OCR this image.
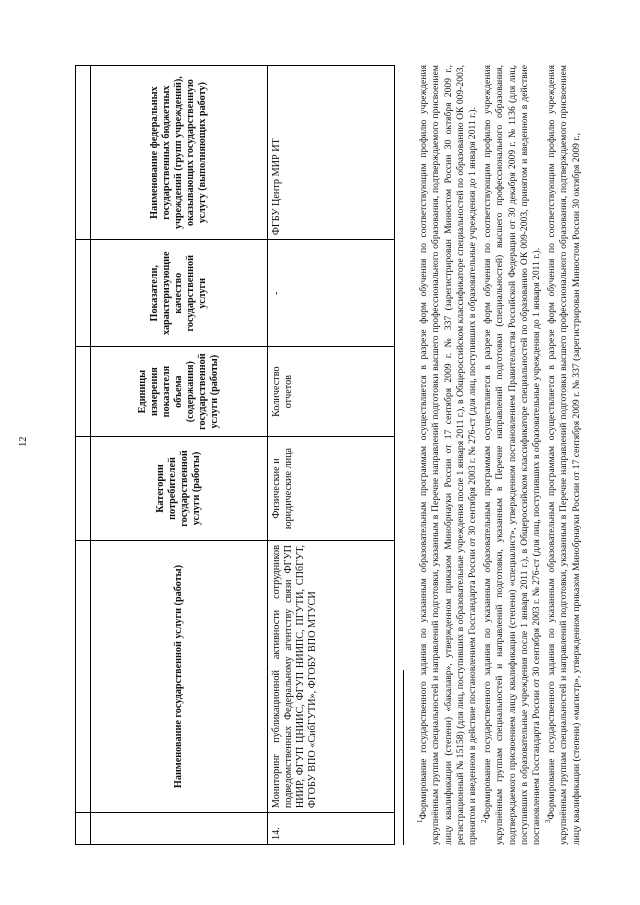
12

	Наименование государственной услуги (работы)	Категории потребителей государственной услуги (работы)	Единицы измерения показателя объема (содержания) государственной услуги (работы)	Показатели, характеризующие качество государственной услуги	Наименование федеральных государственных бюджетных учреждений (групп учреждений), оказывающих государственную услугу (выполняющих работу)
14.	Мониторинг публикационной активности сотрудников подведомственных Федеральному агентству связи ФГУП НИИР, ФГУП ЦНИИС, ФГУП НИИПС, ПГУТИ, СПбГУТ, ФГОБУ ВПО «СибГУТИ», ФГОБУ ВПО МТУСИ	Физические и юридические лица	Количество отчетов	-	ФГБУ Центр МИР ИТ

$^1$Формирование государственного задания по указанным образовательным программам осуществляется в разрезе форм обучения по соответствующим профилю учреждения укрупнённым группам специальностей и направлений подготовки, указанным в Перечне направлений подготовки высшего профессионального образования, подтверждаемого присвоением лицу квалификации (степени) «бакалавр», утвержденном приказом Минобрнауки России от 17 сентября 2009 г. № 337 (зарегистрирован Минюстом России 30 октября 2009 г., регистрационный № 15158) (для лиц, поступивших в образовательные учреждения после 1 января 2011 г.), в Общероссийском классификаторе специальностей по образованию ОК 009-2003, принятом и введенном в действие постановлением Госстандарта России от 30 сентября 2003 г. № 276-ст (для лиц, поступивших в образовательные учреждения до 1 января 2011 г.). $^2$Формирование государственного задания по указанным образовательным программам осуществляется в разрезе форм обучения по соответствующим профилю учреждения укрупнённым группам специальностей и направлений подготовки, указанным в Перечне направлений подготовки (специальностей) высшего профессионального образования, подтверждаемого присвоением лицу квалификации (степени) «специалист», утвержденном постановлением Правительства Российской Федерации от 30 декабря 2009 г. № 1136 (для лиц, поступивших в образовательные учреждения после 1 января 2011 г.), в Общероссийском классификаторе специальностей по образованию ОК 009-2003, принятом и введенном в действие постановлением Госстандарта России от 30 сентября 2003 г. № 276-ст (для лиц, поступивших в образовательные учреждения до 1 января 2011 г.). $^3$Формирование государственного задания по указанным образовательным программам осуществляется в разрезе форм обучения по соответствующим профилю учреждения укрупнённым группам специальностей и направлений подготовки, указанным в Перечне направлений подготовки высшего профессионального образования, подтверждаемого присвоением лицу квалификации (степени) «магистр», утвержденном приказом Минобрнауки России от 17 сентября 2009 г. № 337 (зарегистрирован Минюстом России 30 октября 2009 г.,
